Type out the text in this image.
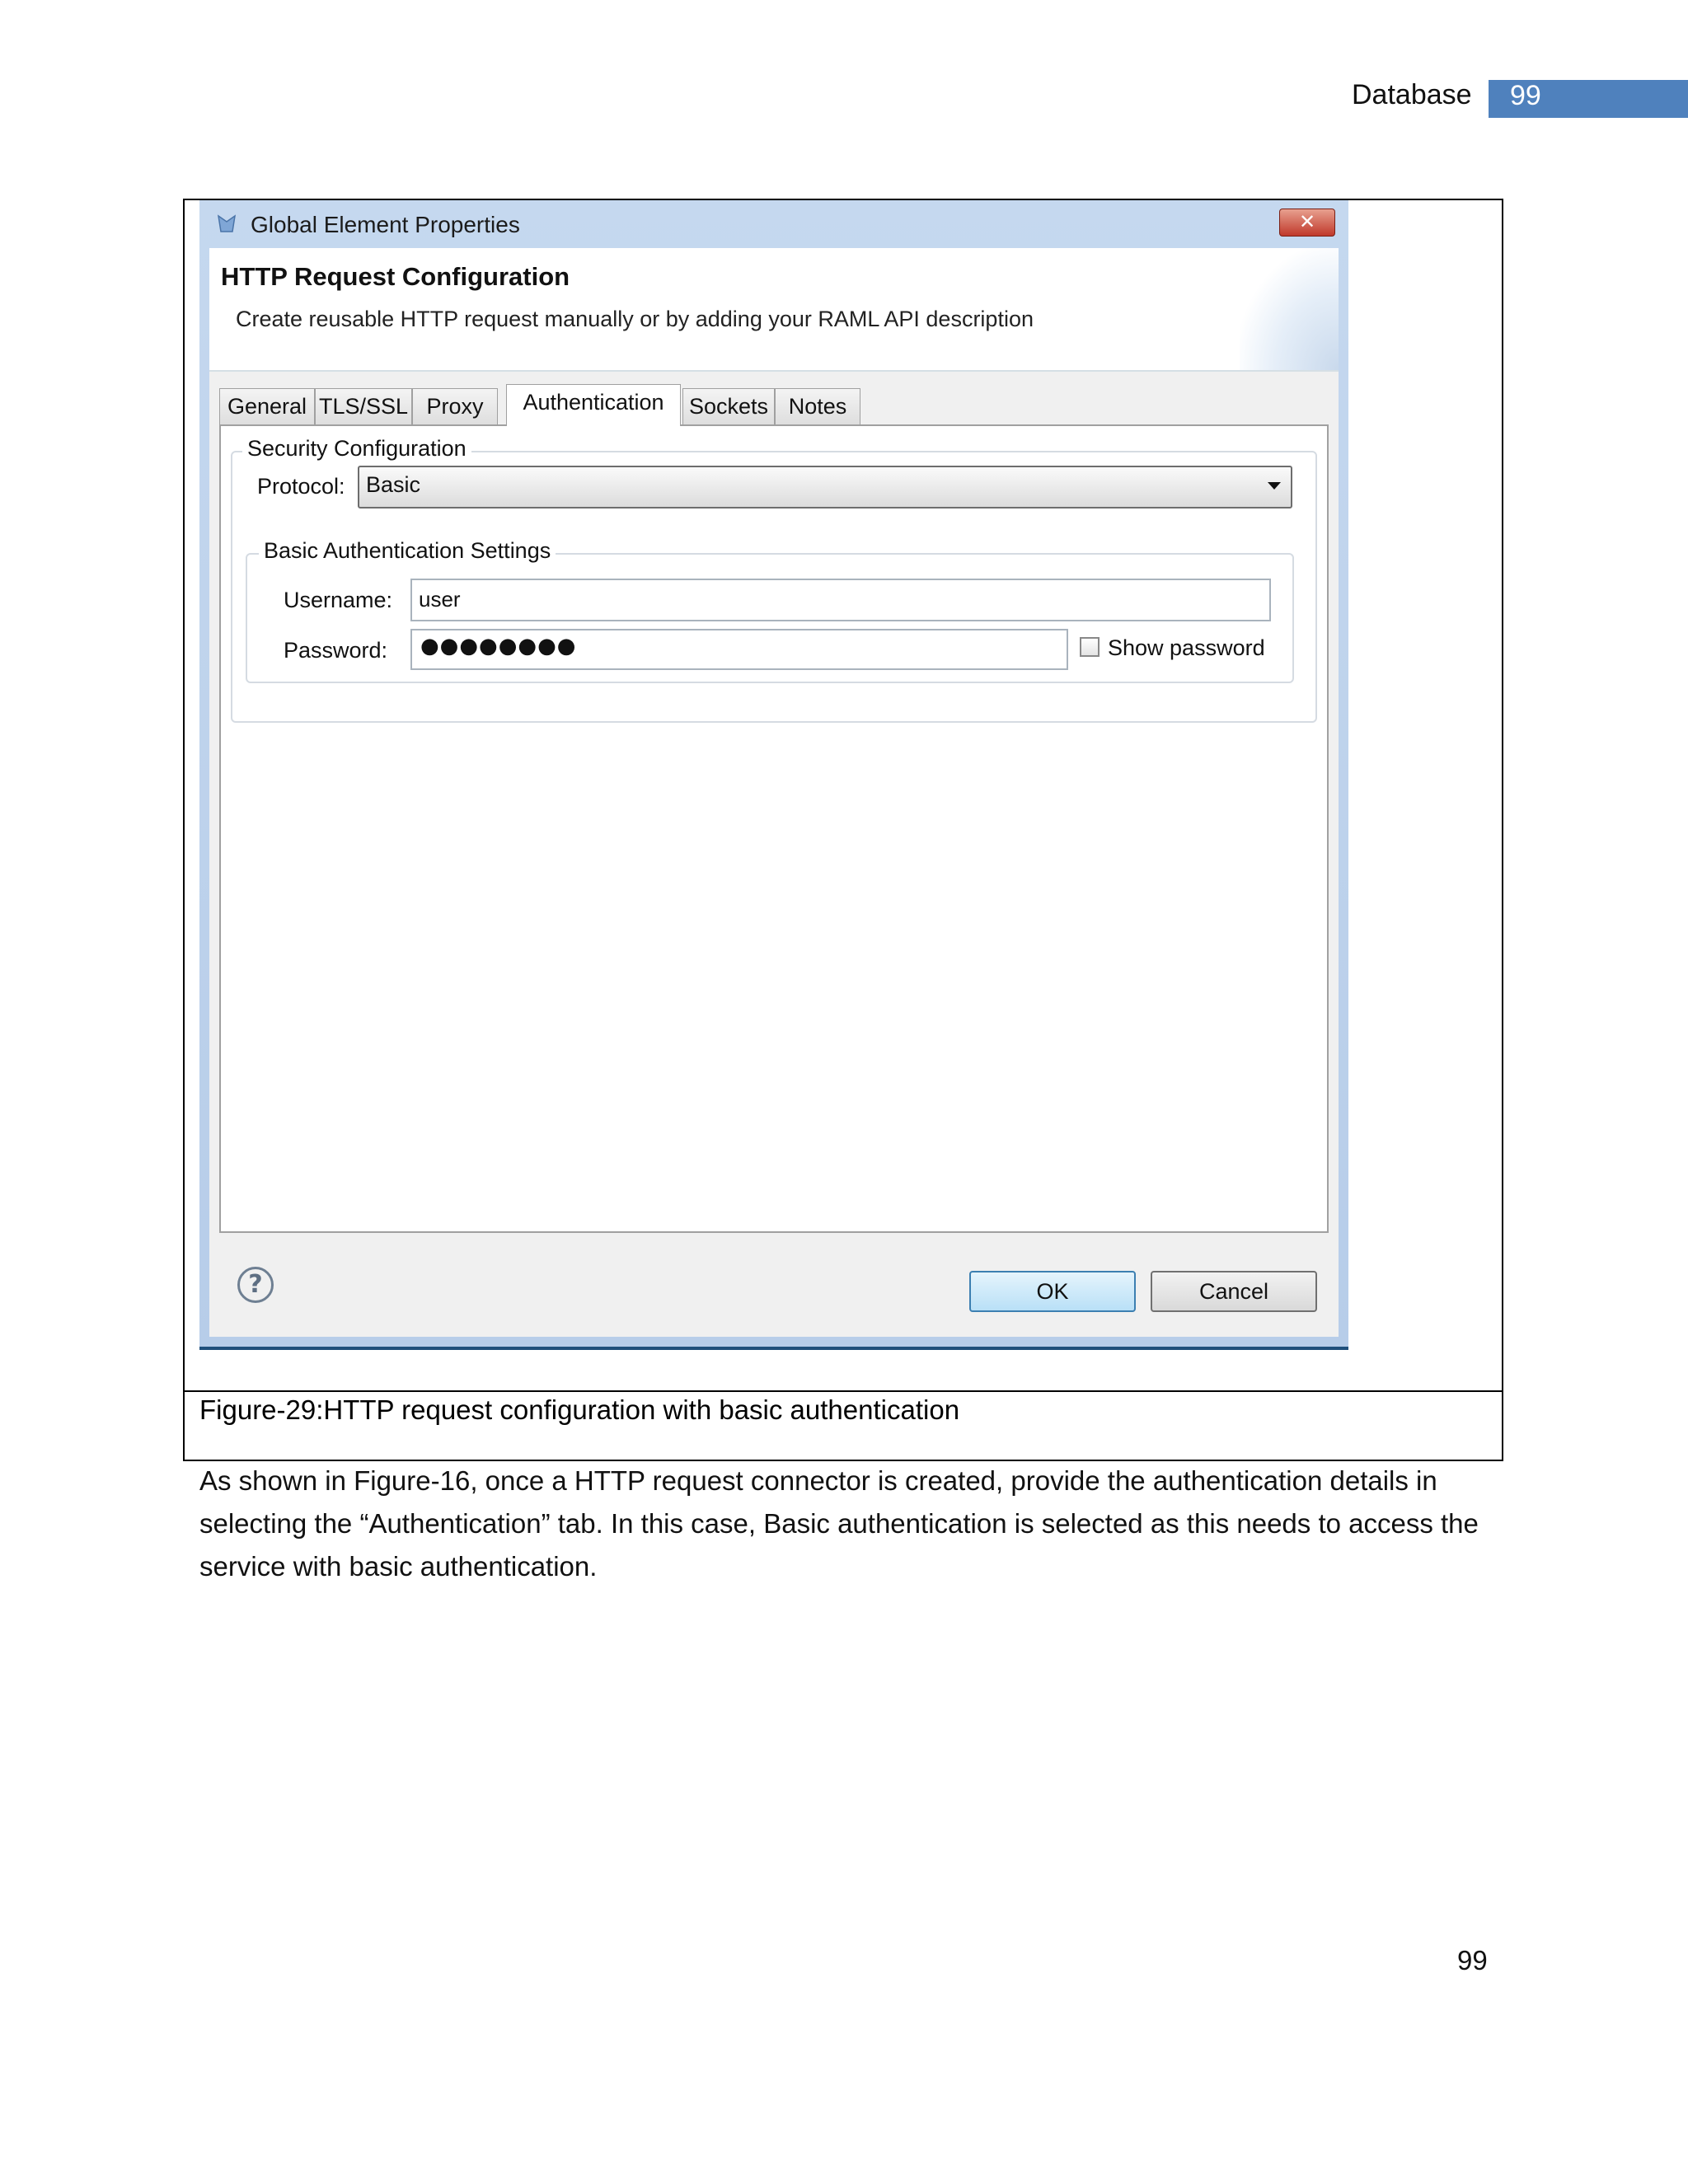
Database 99
Global Element Properties	✕
HTTP Request Configuration
Create reusable HTTP request manually or by adding your RAML API description
General TLS/SSL Proxy	Authentication	Sockets Notes
Security Configuration
Protocol: Basic
Basic Authentication Settings
Username: user
Password: ●●●●●●●●	Show password
?	OK	Cancel
Figure-29:HTTP request configuration with basic authentication
As shown in Figure-16, once a HTTP request connector is created, provide the authentication details in selecting the “Authentication” tab. In this case, Basic authentication is selected as this needs to access the service with basic authentication.
99
